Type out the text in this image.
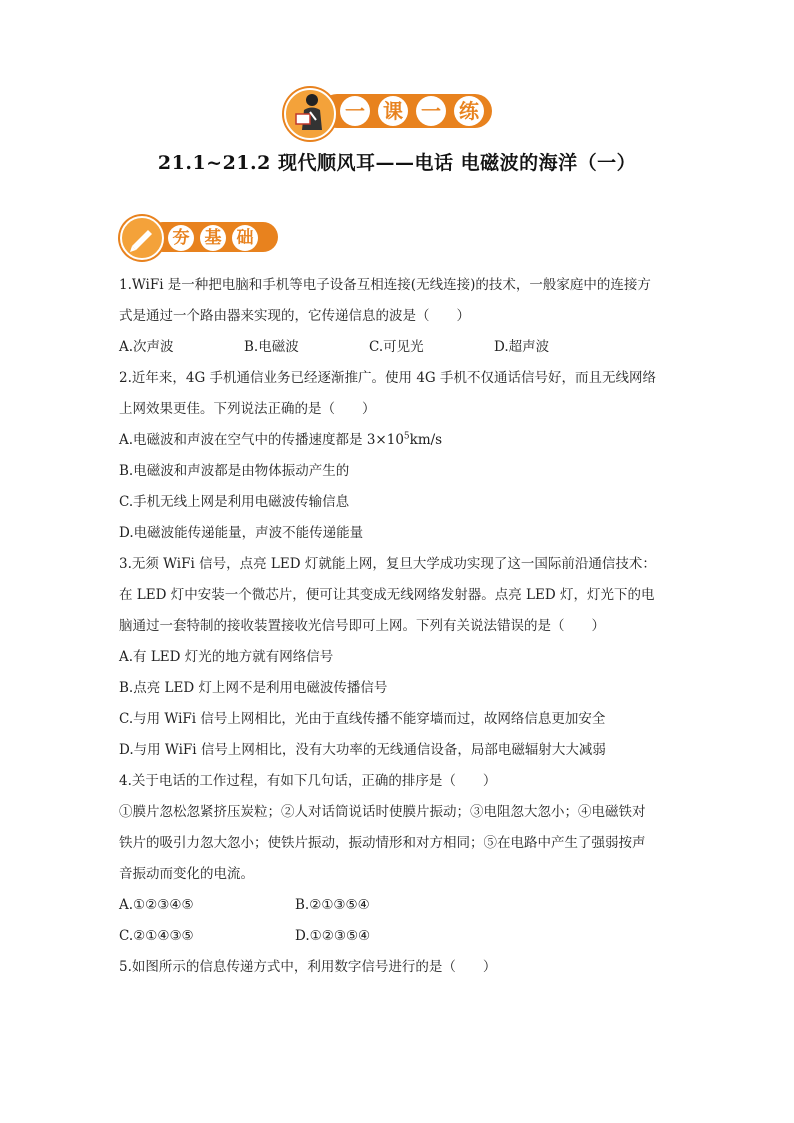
一 课 一 练
21.1~21.2 现代顺风耳——电话 电磁波的海洋（一）
夯 基 础
1.WiFi 是一种把电脑和手机等电子设备互相连接(无线连接)的技术，一般家庭中的连接方
式是通过一个路由器来实现的，它传递信息的波是（　　）
A.次声波	B.电磁波	C.可见光	D.超声波
2.近年来，4G 手机通信业务已经逐渐推广。使用 4G 手机不仅通话信号好，而且无线网络
上网效果更佳。下列说法正确的是（　　）
A.电磁波和声波在空气中的传播速度都是 $3\times 10^5km/s$
B.电磁波和声波都是由物体振动产生的
C.手机无线上网是利用电磁波传输信息
D.电磁波能传递能量，声波不能传递能量
3.无须 WiFi 信号，点亮 LED 灯就能上网，复旦大学成功实现了这一国际前沿通信技术：
在 LED 灯中安装一个微芯片，便可让其变成无线网络发射器。点亮 LED 灯，灯光下的电
脑通过一套特制的接收装置接收光信号即可上网。下列有关说法错误的是（　　）
A.有 LED 灯光的地方就有网络信号
B.点亮 LED 灯上网不是利用电磁波传播信号
C.与用 WiFi 信号上网相比，光由于直线传播不能穿墙而过，故网络信息更加安全
D.与用 WiFi 信号上网相比，没有大功率的无线通信设备，局部电磁辐射大大减弱
4.关于电话的工作过程，有如下几句话，正确的排序是（　　）
①膜片忽松忽紧挤压炭粒；②人对话筒说话时使膜片振动；③电阻忽大忽小；④电磁铁对
铁片的吸引力忽大忽小；使铁片振动，振动情形和对方相同；⑤在电路中产生了强弱按声
音振动而变化的电流。
A.①②③④⑤	B.②①③⑤④
C.②①④③⑤	D.①②③⑤④
5.如图所示的信息传递方式中，利用数字信号进行的是（　　）
